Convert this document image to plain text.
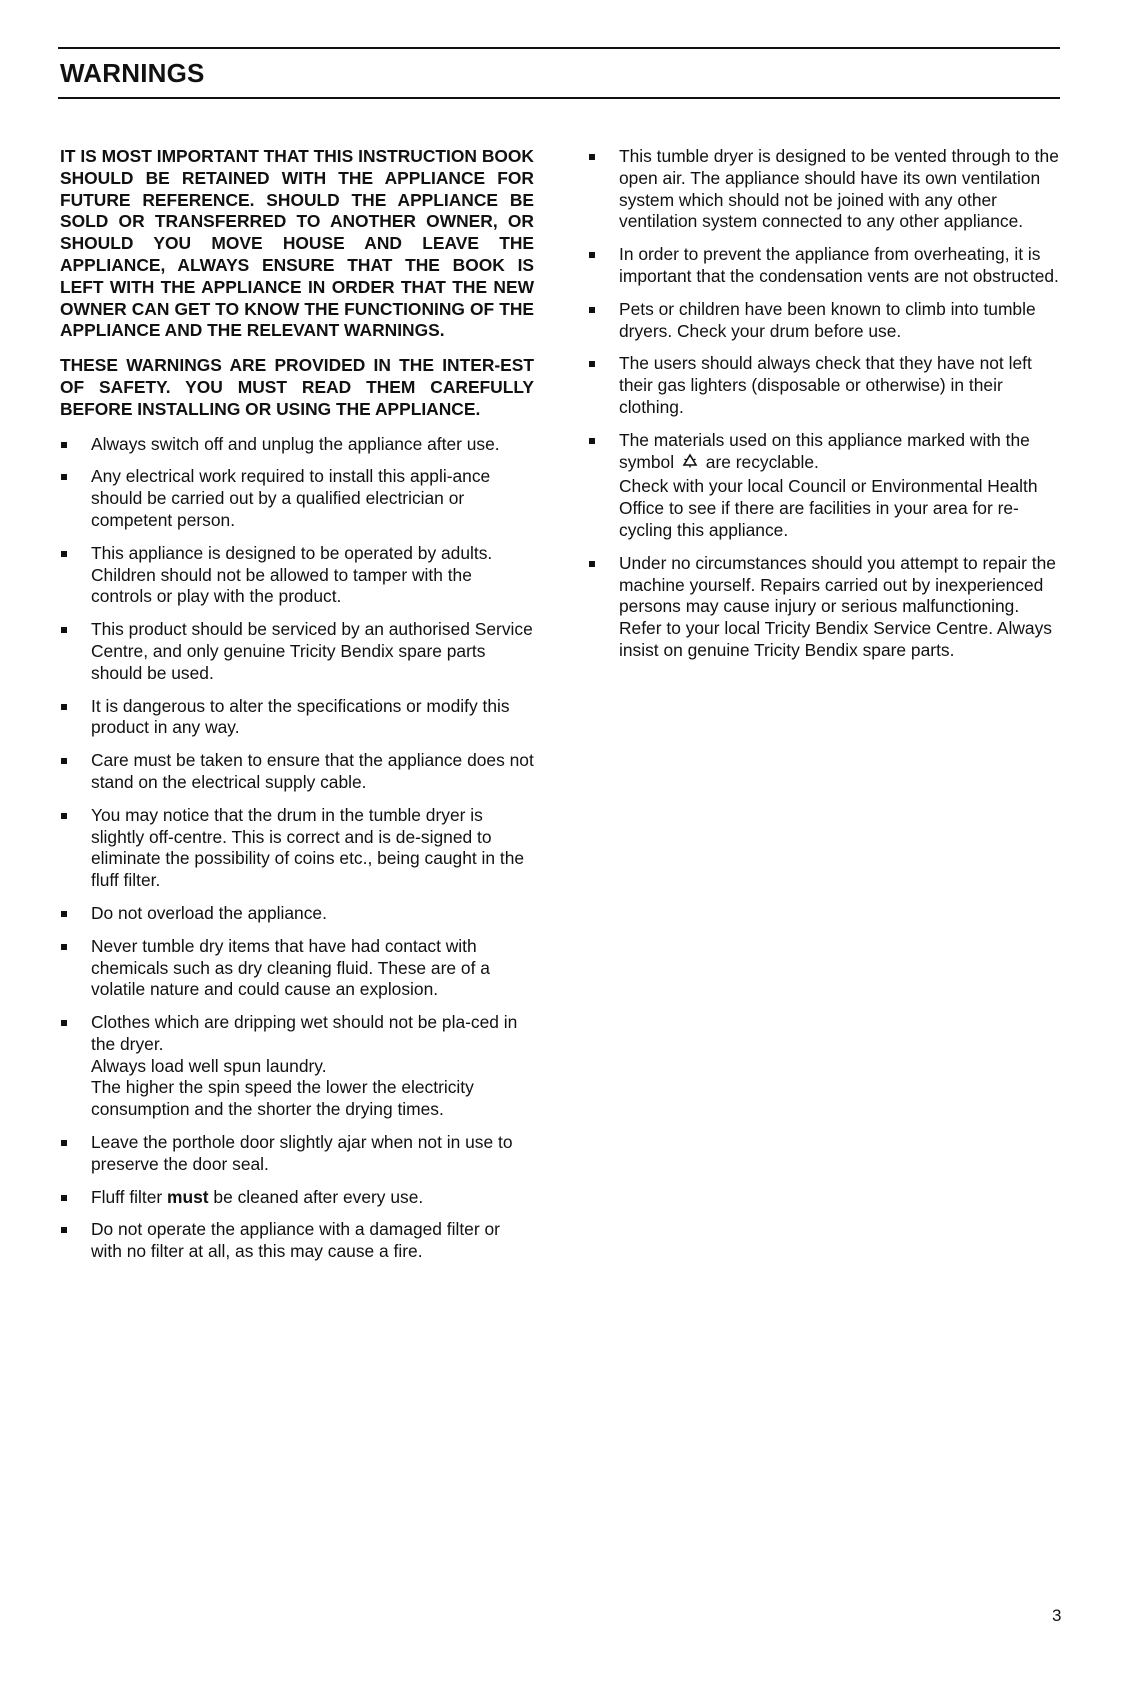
WARNINGS

IT IS MOST IMPORTANT THAT THIS INSTRUCTION BOOK SHOULD BE RETAINED WITH THE APPLIANCE FOR FUTURE REFERENCE. SHOULD THE APPLIANCE BE SOLD OR TRANSFERRED TO ANOTHER OWNER, OR SHOULD YOU MOVE HOUSE AND LEAVE THE APPLIANCE, ALWAYS ENSURE THAT THE BOOK IS LEFT WITH THE APPLIANCE IN ORDER THAT THE NEW OWNER CAN GET TO KNOW THE FUNCTIONING OF THE APPLIANCE AND THE RELEVANT WARNINGS.

THESE WARNINGS ARE PROVIDED IN THE INTER-EST OF SAFETY. YOU MUST READ THEM CAREFULLY BEFORE INSTALLING OR USING THE APPLIANCE.

Always switch off and unplug the appliance after use.

Any electrical work required to install this appli-ance should be carried out by a qualified electrician or competent person.

This appliance is designed to be operated by adults. Children should not be allowed to tamper with the controls or play with the product.

This product should be serviced by an authorised Service Centre, and only genuine Tricity Bendix spare parts should be used.

It is dangerous to alter the specifications or modify this product in any way.

Care must be taken to ensure that the appliance does not stand on the electrical supply cable.

You may notice that the drum in the tumble dryer is slightly off-centre. This is correct and is de-signed to eliminate the possibility of coins etc., being caught in the fluff filter.

Do not overload the appliance.

Never tumble dry items that have had contact with chemicals such as dry cleaning fluid. These are of a volatile nature and could cause an explosion.

Clothes which are dripping wet should not be pla-ced in the dryer.

Always load well spun laundry.

The higher the spin speed the lower the electricity consumption and the shorter the drying times.

Leave the porthole door slightly ajar when not in use to preserve the door seal.

Fluff filter must be cleaned after every use.

Do not operate the appliance with a damaged filter or with no filter at all, as this may cause a fire.

This tumble dryer is designed to be vented through to the open air. The appliance should have its own ventilation system which should not be joined with any other ventilation system connected to any other appliance.

In order to prevent the appliance from overheating, it is important that the condensation vents are not obstructed.

Pets or children have been known to climb into tumble dryers. Check your drum before use.

The users should always check that they have not left their gas lighters (disposable or otherwise) in their clothing.

The materials used on this appliance marked with the symbol are recyclable.

Check with your local Council or Environmental Health Office to see if there are facilities in your area for re-cycling this appliance.

Under no circumstances should you attempt to repair the machine yourself. Repairs carried out by inexperienced persons may cause injury or serious malfunctioning. Refer to your local Tricity Bendix Service Centre. Always insist on genuine Tricity Bendix spare parts.

3
